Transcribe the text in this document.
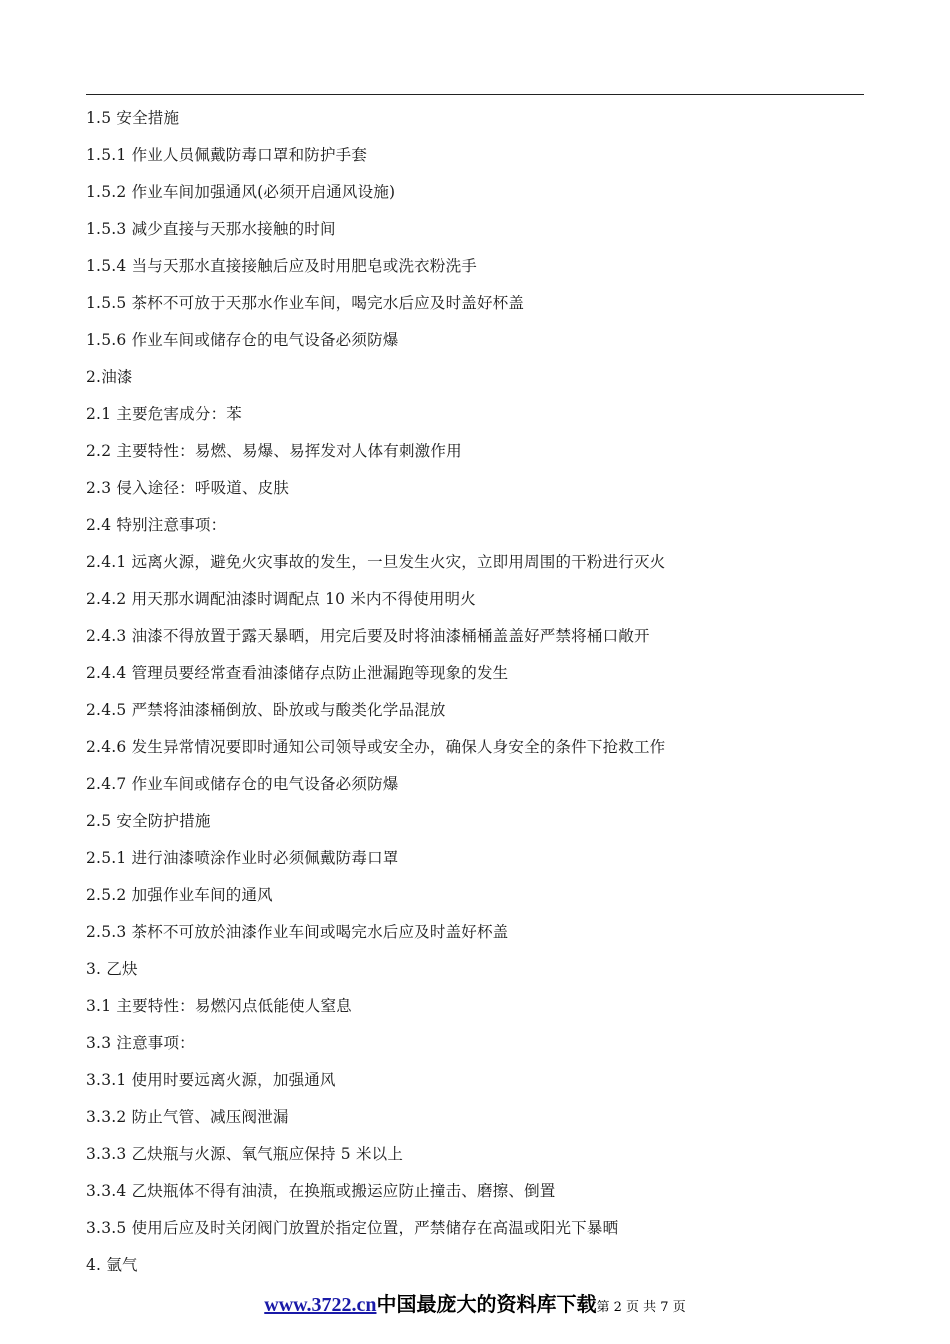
1.5 安全措施
1.5.1 作业人员佩戴防毒口罩和防护手套
1.5.2 作业车间加强通风(必须开启通风设施)
1.5.3 减少直接与天那水接触的时间
1.5.4 当与天那水直接接触后应及时用肥皂或洗衣粉洗手
1.5.5 茶杯不可放于天那水作业车间，喝完水后应及时盖好杯盖
1.5.6 作业车间或储存仓的电气设备必须防爆
2.油漆
2.1 主要危害成分：苯
2.2 主要特性：易燃、易爆、易挥发对人体有刺激作用
2.3 侵入途径：呼吸道、皮肤
2.4 特别注意事项：
2.4.1 远离火源，避免火灾事故的发生，一旦发生火灾，立即用周围的干粉进行灭火
2.4.2 用天那水调配油漆时调配点 10 米内不得使用明火
2.4.3 油漆不得放置于露天暴晒，用完后要及时将油漆桶桶盖盖好严禁将桶口敞开
2.4.4 管理员要经常查看油漆储存点防止泄漏跑等现象的发生
2.4.5 严禁将油漆桶倒放、卧放或与酸类化学品混放
2.4.6 发生异常情况要即时通知公司领导或安全办，确保人身安全的条件下抢救工作
2.4.7 作业车间或储存仓的电气设备必须防爆
2.5 安全防护措施
2.5.1 进行油漆喷涂作业时必须佩戴防毒口罩
2.5.2 加强作业车间的通风
2.5.3 茶杯不可放於油漆作业车间或喝完水后应及时盖好杯盖
3. 乙炔
3.1 主要特性：易燃闪点低能使人窒息
3.3 注意事项：
3.3.1 使用时要远离火源，加强通风
3.3.2 防止气管、减压阀泄漏
3.3.3 乙炔瓶与火源、氧气瓶应保持 5 米以上
3.3.4 乙炔瓶体不得有油渍，在换瓶或搬运应防止撞击、磨擦、倒置
3.3.5 使用后应及时关闭阀门放置於指定位置，严禁储存在高温或阳光下暴晒
4. 氩气
www.3722.cn中国最庞大的资料库下载第 2 页 共 7 页
